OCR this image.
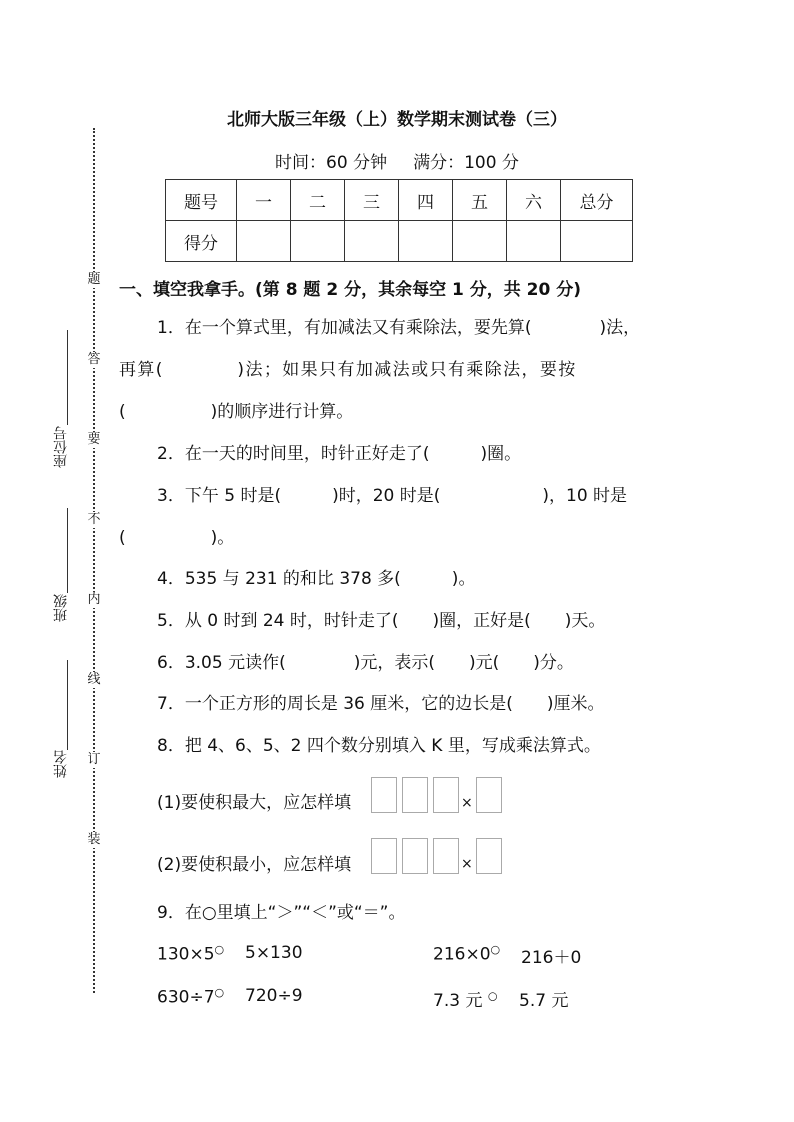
题
答
要
不
内
线
订
装
座位号
班级
姓名
北师大版三年级（上）数学期末测试卷（三）
时间：60 分钟 满分：100 分
题号	一	二	三	四	五	六	总分
得分							
一、填空我拿手。(第 8 题 2 分，其余每空 1 分，共 20 分)
1．在一个算式里，有加减法又有乘除法，要先算(　　　　)法，
再算(　　　　)法；如果只有加减法或只有乘除法，要按
(　　　　　)的顺序进行计算。
2．在一天的时间里，时针正好走了(　　　)圈。
3．下午 5 时是(　　　)时，20 时是(　　　　　　)，10 时是
(　　　　　)。
4．535 与 231 的和比 378 多(　　　)。
5．从 0 时到 24 时，时针走了(　　)圈，正好是(　　)天。
6．3.05 元读作(　　　　)元，表示(　　)元(　　)分。
7．一个正方形的周长是 36 厘米，它的边长是(　　)厘米。
8．把 4、6、5、2 四个数分别填入 K 里，写成乘法算式。
(1)要使积最大，应怎样填	×
(2)要使积最小，应怎样填	×
9．在○里填上“＞”“＜”或“＝”。
130×5○ 5×130	216×0○ 216＋0
630÷7○ 720÷9	7.3 元 ○ 5.7 元
